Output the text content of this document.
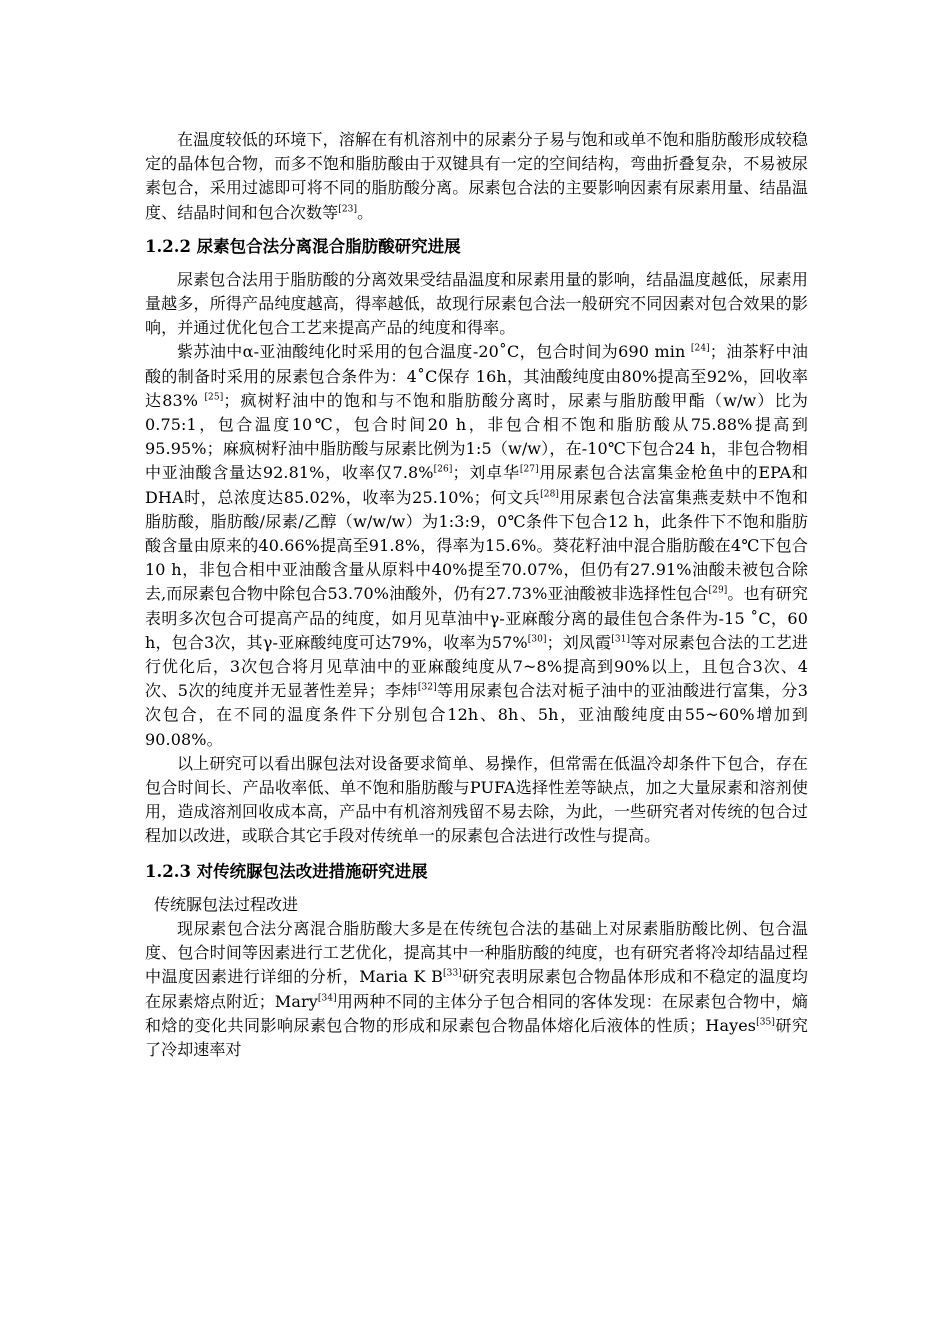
在温度较低的环境下，溶解在有机溶剂中的尿素分子易与饱和或单不饱和脂肪酸形成较稳定的晶体包合物，而多不饱和脂肪酸由于双键具有一定的空间结构，弯曲折叠复杂，不易被尿素包合，采用过滤即可将不同的脂肪酸分离。尿素包合法的主要影响因素有尿素用量、结晶温度、结晶时间和包合次数等[23]。

1.2.2 尿素包合法分离混合脂肪酸研究进展

尿素包合法用于脂肪酸的分离效果受结晶温度和尿素用量的影响，结晶温度越低，尿素用量越多，所得产品纯度越高，得率越低，故现行尿素包合法一般研究不同因素对包合效果的影响，并通过优化包合工艺来提高产品的纯度和得率。

紫苏油中α-亚油酸纯化时采用的包合温度-20˚C，包合时间为690 min [24]；油茶籽中油酸的制备时采用的尿素包合条件为：4˚C保存 16h，其油酸纯度由80%提高至92%，回收率达83% [25]；疯树籽油中的饱和与不饱和脂肪酸分离时，尿素与脂肪酸甲酯（w/w）比为0.75:1，包合温度10℃，包合时间20 h，非包合相不饱和脂肪酸从75.88%提高到95.95%；麻疯树籽油中脂肪酸与尿素比例为1:5（w/w），在-10℃下包合24 h，非包合物相中亚油酸含量达92.81%，收率仅7.8%[26]；刘卓华[27]用尿素包合法富集金枪鱼中的EPA和DHA时，总浓度达85.02%，收率为25.10%；何文兵[28]用尿素包合法富集燕麦麸中不饱和脂肪酸，脂肪酸/尿素/乙醇（w/w/w）为1:3:9，0℃条件下包合12 h，此条件下不饱和脂肪酸含量由原来的40.66%提高至91.8%，得率为15.6%。葵花籽油中混合脂肪酸在4℃下包合10 h，非包合相中亚油酸含量从原料中40%提至70.07%，但仍有27.91%油酸未被包合除去,而尿素包合物中除包合53.70%油酸外，仍有27.73%亚油酸被非选择性包合[29]。也有研究表明多次包合可提高产品的纯度，如月见草油中γ-亚麻酸分离的最佳包合条件为-15 ˚C，60 h，包合3次，其γ-亚麻酸纯度可达79%，收率为57%[30]；刘凤霞[31]等对尿素包合法的工艺进行优化后，3次包合将月见草油中的亚麻酸纯度从7~8%提高到90%以上，且包合3次、4次、5次的纯度并无显著性差异；李炜[32]等用尿素包合法对栀子油中的亚油酸进行富集，分3次包合，在不同的温度条件下分别包合12h、8h、5h，亚油酸纯度由55~60%增加到90.08%。

以上研究可以看出脲包法对设备要求简单、易操作，但常需在低温冷却条件下包合，存在包合时间长、产品收率低、单不饱和脂肪酸与PUFA选择性差等缺点，加之大量尿素和溶剂使用，造成溶剂回收成本高，产品中有机溶剂残留不易去除，为此，一些研究者对传统的包合过程加以改进，或联合其它手段对传统单一的尿素包合法进行改性与提高。

1.2.3 对传统脲包法改进措施研究进展

传统脲包法过程改进

现尿素包合法分离混合脂肪酸大多是在传统包合法的基础上对尿素脂肪酸比例、包合温度、包合时间等因素进行工艺优化，提高其中一种脂肪酸的纯度，也有研究者将冷却结晶过程中温度因素进行详细的分析，Maria K B[33]研究表明尿素包合物晶体形成和不稳定的温度均在尿素熔点附近；Mary[34]用两种不同的主体分子包合相同的客体发现：在尿素包合物中，熵和焓的变化共同影响尿素包合物的形成和尿素包合物晶体熔化后液体的性质；Hayes[35]研究了冷却速率对
